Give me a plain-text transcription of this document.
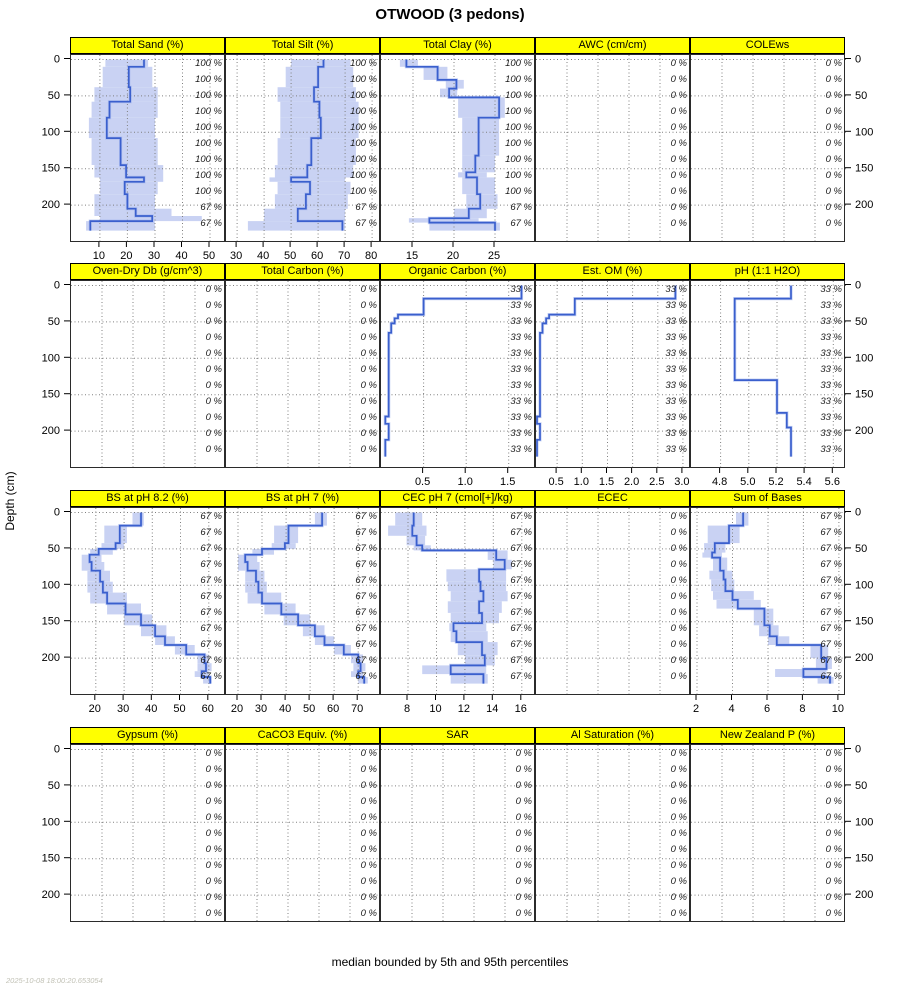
OTWOOD (3 pedons)
Depth (cm)
Total Sand (%)
100 %
100 %
100 %
100 %
100 %
100 %
100 %
100 %
100 %
67 %
67 %
10 20 30 40 50
Total Silt (%)
100 %
100 %
100 %
100 %
100 %
100 %
100 %
100 %
100 %
67 %
67 %
30 40 50 60 70 80
Total Clay (%)
100 %
100 %
100 %
100 %
100 %
100 %
100 %
100 %
100 %
67 %
67 %
15	20	25
AWC (cm/cm)
0 %
0 %
0 %
0 %
0 %
0 %
0 %
0 %
0 %
0 %
0 %
COLEws
0 %
0 %
0 %
0 %
0 %
0 %
0 %
0 %
0 %
0 %
0 %
Oven-Dry Db (g/cm^3)
0 %
0 %
0 %
0 %
0 %
0 %
0 %
0 %
0 %
0 %
0 %
Total Carbon (%)
0 %
0 %
0 %
0 %
0 %
0 %
0 %
0 %
0 %
0 %
0 %
Organic Carbon (%)
33 %
33 %
33 %
33 %
33 %
33 %
33 %
33 %
33 %
33 %
33 %
0.5 1.0 1.5
Est. OM (%)
33 %
33 %
33 %
33 %
33 %
33 %
33 %
33 %
33 %
33 %
33 %
0.5 1.0 1.5 2.0 2.5 3.0
pH (1:1 H2O)
33 %
33 %
33 %
33 %
33 %
33 %
33 %
33 %
33 %
33 %
33 %
4.8 5.0 5.2 5.4 5.6
BS at pH 8.2 (%)
67 %
67 %
67 %
67 %
67 %
67 %
67 %
67 %
67 %
67 %
67 %
20 30 40 50 60
BS at pH 7 (%)
67 %
67 %
67 %
67 %
67 %
67 %
67 %
67 %
67 %
67 %
67 %
20 30 40 50 60 70
CEC pH 7 (cmol[+]/kg)
67 %
67 %
67 %
67 %
67 %
67 %
67 %
67 %
67 %
67 %
67 %
8 10 12 14 16
ECEC
0 %
0 %
0 %
0 %
0 %
0 %
0 %
0 %
0 %
0 %
0 %
Sum of Bases
67 %
67 %
67 %
67 %
67 %
67 %
67 %
67 %
67 %
67 %
67 %
2	4	6	8 10
Gypsum (%)
0 %
0 %
0 %
0 %
0 %
0 %
0 %
0 %
0 %
0 %
0 %
CaCO3 Equiv. (%)
0 %
0 %
0 %
0 %
0 %
0 %
0 %
0 %
0 %
0 %
0 %
SAR
0 %
0 %
0 %
0 %
0 %
0 %
0 %
0 %
0 %
0 %
0 %
Al Saturation (%)
0 %
0 %
0 %
0 %
0 %
0 %
0 %
0 %
0 %
0 %
0 %
New Zealand P (%)
0 %
0 %
0 %
0 %
0 %
0 %
0 %
0 %
0 %
0 %
0 %
0
50
100
150
200
0
50
100
150
200
0
50
100
150
200
0
50
100
150
200
0
50
100
150
200
0
50
100
150
200
0
50
100
150
200
0
50
100
150
200
median bounded by 5th and 95th percentiles
2025-10-08 18:00:20.653054
